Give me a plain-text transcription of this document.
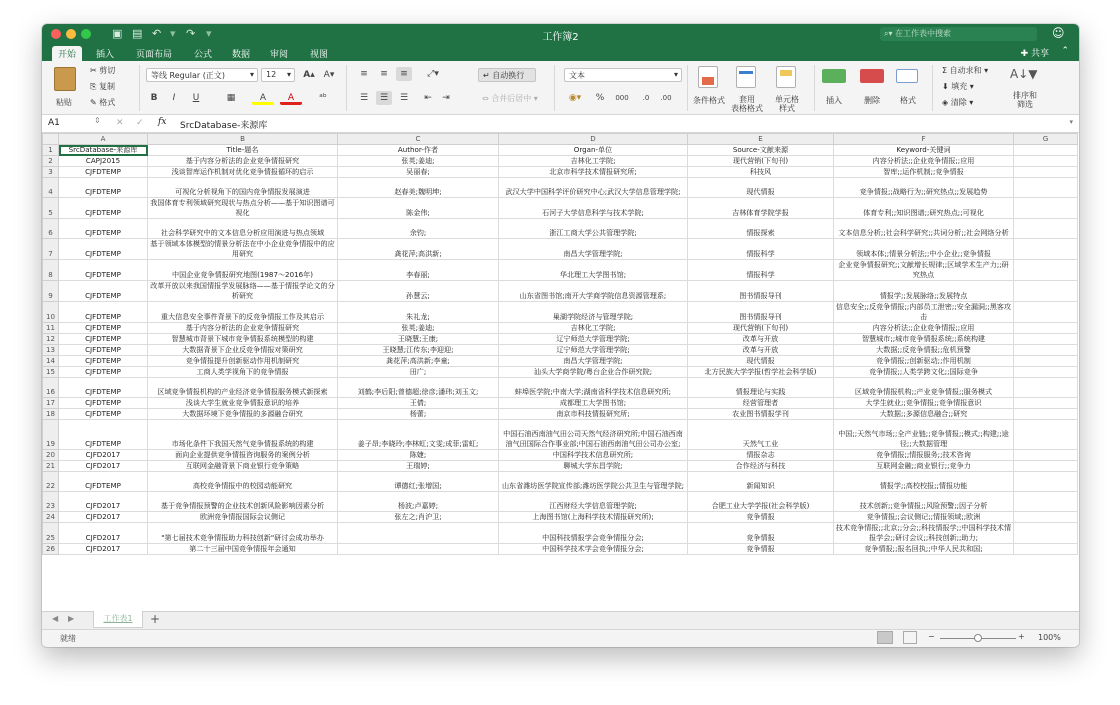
▣ ▤ ↶ ▾ ↷ ▾	工作簿2	⌕▾ 在工作表中搜索	☺
开始	插入	页面布局	公式	数据	审阅	视图	✚ 共享 ⌃
粘贴
✂ 剪切
⎘ 复制
✎ 格式
等线 Regular (正文)	▾	12 ▾ A▴ A▾
B	I	U	▦	A	A	ᵃᵇ
≡	≡	≡	⤢▾
☰	☰	☰	⇤	⇥
↵ 自动换行
⇔ 合并后居中 ▾
文本	▾
◉▾	%	000	.0	.00	条件格式	套用
表格格式
单元格
样式
插入	删除	格式
Σ 自动求和 ▾
⬇ 填充 ▾
◈ 清除 ▾
A↓▼
排序和
筛选
A1	⇕ ✕ ✓ fx SrcDatabase-来源库	▾
	A	B	C	D	E	F	G
1	SrcDatabase-来源库	Title-题名	Author-作者	Organ-单位	Source-文献来源	Keyword-关键词	
2	CAPJ2015	基于内容分析法的企业竞争情报研究	张英;姜迪;	吉林化工学院;	现代营销(下旬刊)	内容分析法;;企业竞争情报;;应用	
3	CJFDTEMP	浅谈智库运作机制对优化竞争情报循环的启示	吴丽春;	北京市科学技术情报研究所;	科技风	智库;;运作机制;;竞争情报	
4	CJFDTEMP	可视化分析视角下的国内竞争情报发展演进	赵春美;魏明坤;	武汉大学中国科学评价研究中心;武汉大学信息管理学院;	现代情报	竞争情报;;战略行为;;研究热点;;发展趋势	
5	CJFDTEMP	我国体育专利领域研究现状与热点分析——基于知识图谱可视化	陈金伟;	石河子大学信息科学与技术学院;	吉林体育学院学报	体育专利;;知识图谱;;研究热点;;可视化	
6	CJFDTEMP	社会科学研究中的文本信息分析应用演进与热点领域	余钧;	浙江工商大学公共管理学院;	情报探索	文本信息分析;;社会科学研究;;共词分析;;社会网络分析	
7	CJFDTEMP	基于领域本体模型的情景分析法在中小企业竞争情报中的应用研究	龚花萍;高洪新;	南昌大学管理学院;	情报科学	领域本体;;情景分析法;;中小企业;;竞争情报	
8	CJFDTEMP	中国企业竞争情报研究地图(1987～2016年)	李春丽;	华北理工大学图书馆;	情报科学	企业竞争情报研究;;文献增长规律;;区域学术生产力;;研究热点	
9	CJFDTEMP	改革开放以来我国情报学发展脉络——基于情报学论文的分析研究	孙慧云;	山东省图书馆;南开大学商学院信息资源管理系;	图书情报导刊	情报学;;发展脉络;;发展特点	
10	CJFDTEMP	重大信息安全事件背景下的反竞争情报工作及其启示	朱礼龙;	巢湖学院经济与管理学院;	图书情报导刊	信息安全;;反竞争情报;;内部员工泄密;;安全漏洞;;黑客攻击	
11	CJFDTEMP	基于内容分析法的企业竞争情报研究	张英;姜迪;	吉林化工学院;	现代营销(下旬刊)	内容分析法;;企业竞争情报;;应用	
12	CJFDTEMP	智慧城市背景下城市竞争情报系统模型的构建	王晓慧;王康;	辽宁师范大学管理学院;	改革与开放	智慧城市;;城市竞争情报系统;;系统构建	
13	CJFDTEMP	大数据背景下企业反竞争情报对策研究	王晓慧;江传东;李迎迎;	辽宁师范大学管理学院;	改革与开放	大数据;;反竞争情报;;危机预警	
14	CJFDTEMP	竞争情报提升创新驱动作用机制研究	龚花萍;高洪新;李童;	南昌大学管理学院;	现代情报	竞争情报;;创新驱动;;作用机制	
15	CJFDTEMP	工商人类学视角下的竞争情报	田广;	汕头大学商学院/粤台企业合作研究院;	北方民族大学学报(哲学社会科学版)	竞争情报;;人类学跨文化;;国际竞争	
16	CJFDTEMP	区域竞争情报机构的产业经济竞争情报服务模式新探索	刘鹤;李后阳;曾德超;徐彦;潘玮;刘玉文;	蚌埠医学院;中南大学;湖南省科学技术信息研究所;	情报理论与实践	区域竞争情报机构;;产业竞争情报;;服务模式	
17	CJFDTEMP	浅谈大学生就业竞争情报意识的培养	王倩;	成都理工大学图书馆;	经营管理者	大学生就业;;竞争情报;;竞争情报意识	
18	CJFDTEMP	大数据环境下竞争情报的多源融合研究	杨蕾;	南京市科技情报研究所;	农业图书情报学刊	大数据;;多源信息融合;;研究	
19	CJFDTEMP	市场化条件下我国天然气竞争情报系统的构建	姜子昂;李晓玲;李林虹;文雯;成菲;雷虹;	中国石油西南油气田公司天然气经济研究所;中国石油西南油气田国际合作事业部;中国石油西南油气田公司办公室;	天然气工业	中国;;天然气市场;;全产业链;;竞争情报;;模式;;构建;;途径;;大数据管理	
20	CJFD2017	面向企业提供竞争情报咨询服务的案例分析	陈婕;	中国科学技术信息研究所;	情报杂志	竞争情报;;情报服务;;技术咨询	
21	CJFD2017	互联网金融背景下商业银行竞争策略	王瑞婷;	聊城大学东昌学院;	合作经济与科技	互联网金融;;商业银行;;竞争力	
22	CJFDTEMP	高校竞争情报中的校园动能研究	谭德红;张增国;	山东省潍坊医学院宣传部;潍坊医学院公共卫生与管理学院;	新闻知识	情报学;;高校校报;;情报功能	
23	CJFD2017	基于竞争情报预警的企业技术创新风险影响因素分析	杨波;卢嘉婷;	江西财经大学信息管理学院;	合肥工业大学学报(社会科学版)	技术创新;;竞争情报;;风险预警;;因子分析	
24	CJFD2017	欧洲竞争情报国际会议侧记	张左之;肖沪卫;	上海图书馆(上海科学技术情报研究所);	竞争情报	竞争情报;;会议侧记;;情报领域;;欧洲	
25	CJFD2017	"第七届技术竞争情报助力科技创新"研讨会成功举办		中国科技情报学会竞争情报分会;	竞争情报	技术竞争情报;;北京;;分会;;科技情报学;;中国科学技术情报学会;;研讨会议;;科技创新;;助力;	
26	CJFD2017	第二十三届中国竞争情报年会通知		中国科学技术学会竞争情报分会;	竞争情报	竞争情报;;报名回执;;中华人民共和国;	
◀ ▶	工作表1	+
就绪	−	+ 100%
